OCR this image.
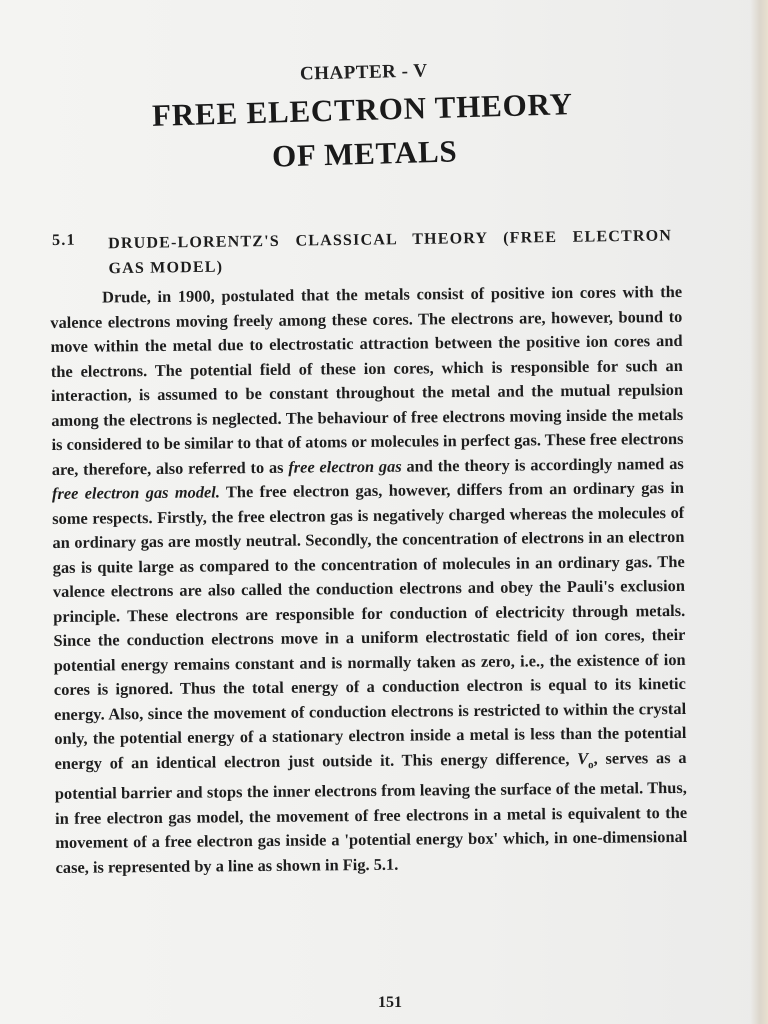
CHAPTER - V
FREE ELECTRON THEORY
OF METALS
5.1 DRUDE-LORENTZ'S CLASSICAL THEORY (FREE ELECTRON GAS MODEL)

Drude, in 1900, postulated that the metals consist of positive ion cores with the valence electrons moving freely among these cores. The electrons are, however, bound to move within the metal due to electrostatic attraction between the positive ion cores and the electrons. The potential field of these ion cores, which is responsible for such an interaction, is assumed to be constant throughout the metal and the mutual repulsion among the electrons is neglected. The behaviour of free electrons moving inside the metals is considered to be similar to that of atoms or molecules in perfect gas. These free electrons are, therefore, also referred to as free electron gas and the theory is accordingly named as free electron gas model. The free electron gas, however, differs from an ordinary gas in some respects. Firstly, the free electron gas is negatively charged whereas the molecules of an ordinary gas are mostly neutral. Secondly, the concentration of electrons in an electron gas is quite large as compared to the concentration of molecules in an ordinary gas. The valence electrons are also called the conduction electrons and obey the Pauli's exclusion principle. These electrons are responsible for conduction of electricity through metals. Since the conduction electrons move in a uniform electrostatic field of ion cores, their potential energy remains constant and is normally taken as zero, i.e., the existence of ion cores is ignored. Thus the total energy of a conduction electron is equal to its kinetic energy. Also, since the movement of conduction electrons is restricted to within the crystal only, the potential energy of a stationary electron inside a metal is less than the potential energy of an identical electron just outside it. This energy difference, $V_o$, serves as a potential barrier and stops the inner electrons from leaving the surface of the metal. Thus, in free electron gas model, the movement of free electrons in a metal is equivalent to the movement of a free electron gas inside a 'potential energy box' which, in one-dimensional case, is represented by a line as shown in Fig. 5.1.

151
